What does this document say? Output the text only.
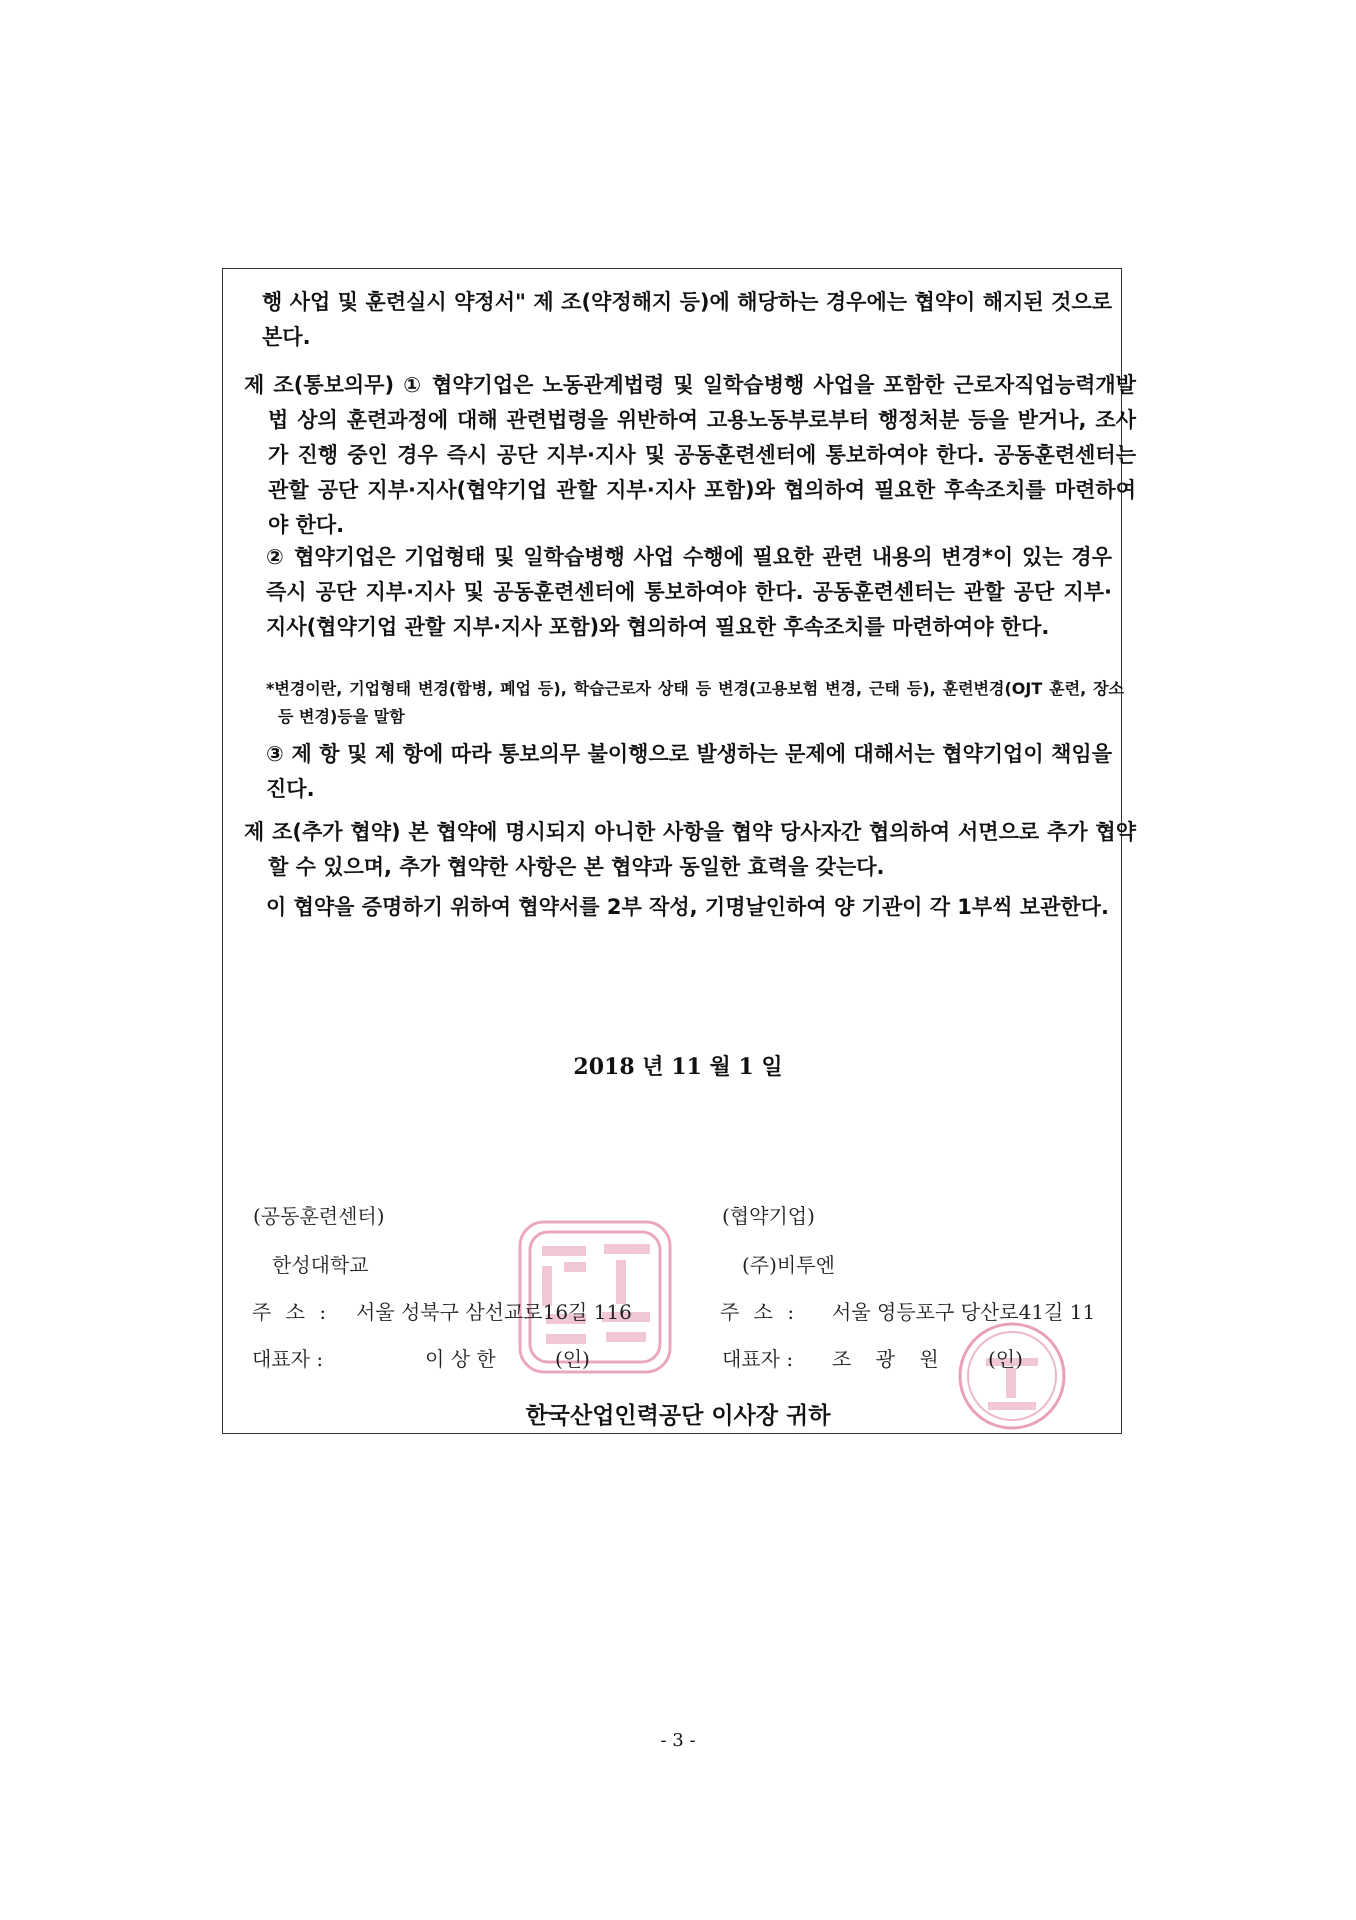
행 사업 및 훈련실시 약정서" 제 조(약정해지 등)에 해당하는 경우에는 협약이 해지된 것으로 본다.

제 조(통보의무) ① 협약기업은 노동관계법령 및 일학습병행 사업을 포함한 근로자직업능력개발법 상의 훈련과정에 대해 관련법령을 위반하여 고용노동부로부터 행정처분 등을 받거나, 조사가 진행 중인 경우 즉시 공단 지부·지사 및 공동훈련센터에 통보하여야 한다. 공동훈련센터는 관할 공단 지부·지사(협약기업 관할 지부·지사 포함)와 협의하여 필요한 후속조치를 마련하여야 한다.

② 협약기업은 기업형태 및 일학습병행 사업 수행에 필요한 관련 내용의 변경*이 있는 경우 즉시 공단 지부·지사 및 공동훈련센터에 통보하여야 한다. 공동훈련센터는 관할 공단 지부·지사(협약기업 관할 지부·지사 포함)와 협의하여 필요한 후속조치를 마련하여야 한다.

*변경이란, 기업형태 변경(합병, 폐업 등), 학습근로자 상태 등 변경(고용보험 변경, 근태 등), 훈련변경(OJT 훈련, 장소 등 변경)등을 말함

③ 제 항 및 제 항에 따라 통보의무 불이행으로 발생하는 문제에 대해서는 협약기업이 책임을 진다.

제 조(추가 협약) 본 협약에 명시되지 아니한 사항을 협약 당사자간 협의하여 서면으로 추가 협약할 수 있으며, 추가 협약한 사항은 본 협약과 동일한 효력을 갖는다.

이 협약을 증명하기 위하여 협약서를 2부 작성, 기명날인하여 양 기관이 각 1부씩 보관한다.

2018 년 11 월 1 일
(공동훈련센터)
한성대학교
주 소 : 서울 성북구 삼선교로16길 116
대표자 :	이 상 한	(인)
(협약기업)
(주)비투엔
주 소 : 서울 영등포구 당산로41길 11
대표자 : 조 광 원 (인)
한국산업인력공단 이사장 귀하
- 3 -
